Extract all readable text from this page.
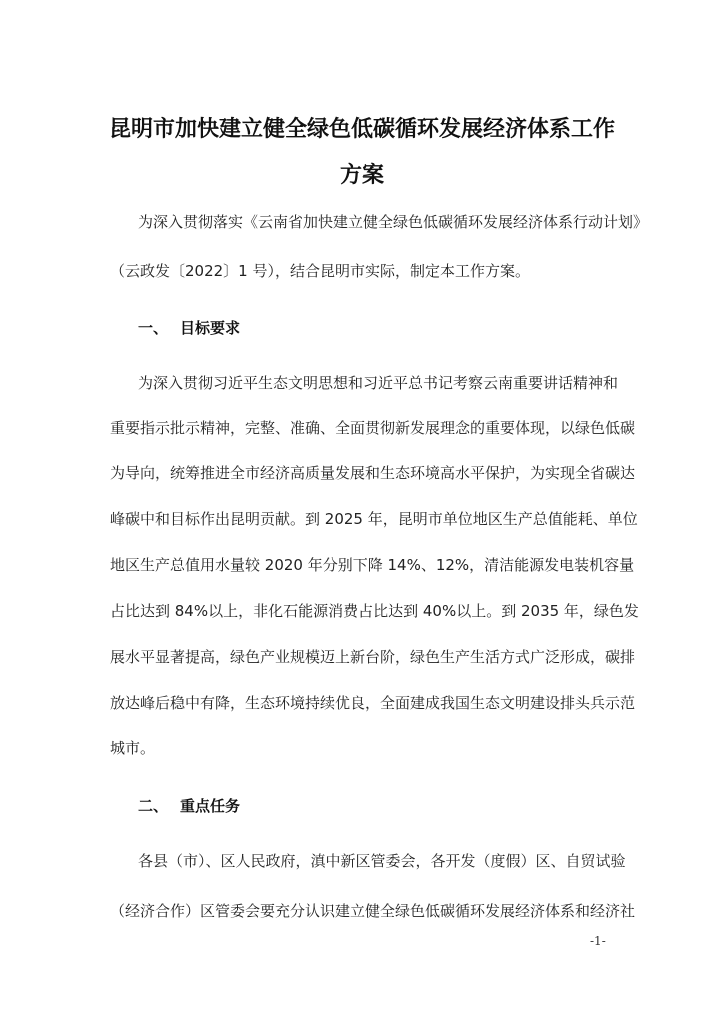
昆明市加快建立健全绿色低碳循环发展经济体系工作
方案
为深入贯彻落实《云南省加快建立健全绿色低碳循环发展经济体系行动计划》
（云政发〔2022〕1 号），结合昆明市实际，制定本工作方案。
一、 目标要求
为深入贯彻习近平生态文明思想和习近平总书记考察云南重要讲话精神和
重要指示批示精神，完整、准确、全面贯彻新发展理念的重要体现，以绿色低碳
为导向，统筹推进全市经济高质量发展和生态环境高水平保护，为实现全省碳达
峰碳中和目标作出昆明贡献。到 2025 年，昆明市单位地区生产总值能耗、单位
地区生产总值用水量较 2020 年分别下降 14%、12%，清洁能源发电装机容量
占比达到 84%以上，非化石能源消费占比达到 40%以上。到 2035 年，绿色发
展水平显著提高，绿色产业规模迈上新台阶，绿色生产生活方式广泛形成，碳排
放达峰后稳中有降，生态环境持续优良，全面建成我国生态文明建设排头兵示范
城市。
二、 重点任务
各县（市）、区人民政府，滇中新区管委会，各开发（度假）区、自贸试验
（经济合作）区管委会要充分认识建立健全绿色低碳循环发展经济体系和经济社
-1-
